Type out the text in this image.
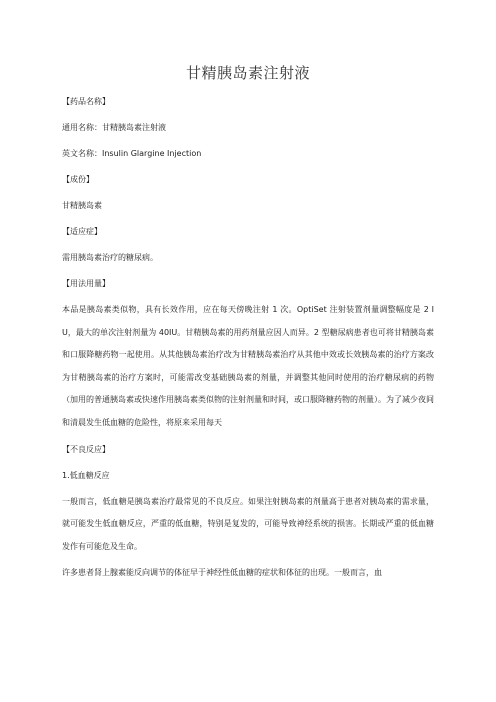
甘精胰岛素注射液
【药品名称】
通用名称：甘精胰岛素注射液
英文名称：Insulin Glargine Injection
【成份】
甘精胰岛素
【适应症】
需用胰岛素治疗的糖尿病。
【用法用量】

本品是胰岛素类似物，具有长效作用，应在每天傍晚注射 1 次。OptiSet 注射装置剂量调整幅度是 2 IU，最大的单次注射剂量为 40IU。甘精胰岛素的用药剂量应因人而异。2 型糖尿病患者也可将甘精胰岛素和口服降糖药物一起使用。从其他胰岛素治疗改为甘精胰岛素治疗从其他中效或长效胰岛素的治疗方案改为甘精胰岛素的治疗方案时，可能需改变基础胰岛素的剂量，并调整其他同时使用的治疗糖尿病的药物（加用的普通胰岛素或快速作用胰岛素类似物的注射剂量和时间，或口服降糖药物的剂量）。为了减少夜间和清晨发生低血糖的危险性，将原来采用每天

【不良反应】
1.低血糖反应

一般而言，低血糖是胰岛素治疗最常见的不良反应。如果注射胰岛素的剂量高于患者对胰岛素的需求量，就可能发生低血糖反应，严重的低血糖，特别是复发的，可能导致神经系统的损害。长期或严重的低血糖发作有可能危及生命。

许多患者肾上腺素能反向调节的体征早于神经性低血糖的症状和体征的出现。一般而言，血
